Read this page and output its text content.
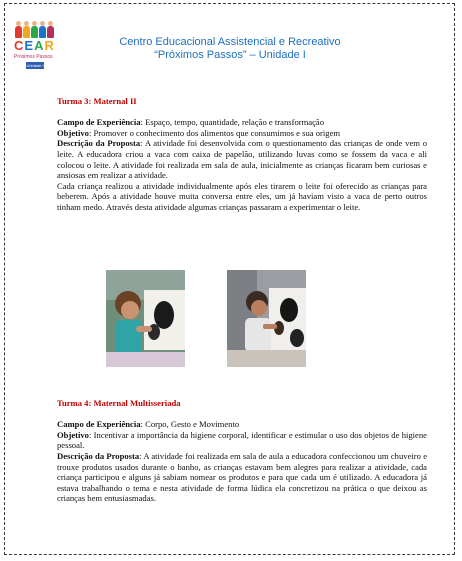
CEAR
Próximos Passos
Unidade I
Centro Educacional Assistencial e Recreativo
“Próximos Passos” – Unidade I

Turma 3: Maternal II

Campo de Experiência: Espaço, tempo, quantidade, relação e transformação

Objetivo: Promover o conhecimento dos alimentos que consumimos e sua origem

Descrição da Proposta: A atividade foi desenvolvida com o questionamento das crianças de onde vem o leite. A educadora criou a vaca com caixa de papelão, utilizando luvas como se fossem da vaca e ali colocou o leite. A atividade foi realizada em sala de aula, inicialmente as crianças ficaram bem curiosas e ansiosas em realizar a atividade.

Cada criança realizou a atividade individualmente após eles tirarem o leite foi oferecido as crianças para beberem. Após a atividade houve muita conversa entre eles, um já haviam visto a vaca de perto outros tinham medo. Através desta atividade algumas crianças passaram a experimentar o leite.

Turma 4: Maternal Multisseriada

Campo de Experiência: Corpo, Gesto e Movimento

Objetivo: Incentivar a importância da higiene corporal, identificar e estimular o uso dos objetos de higiene pessoal.

Descrição da Proposta: A atividade foi realizada em sala de aula a educadora confeccionou um chuveiro e trouxe produtos usados durante o banho, as crianças estavam bem alegres para realizar a atividade, cada criança participou e alguns já sabiam nomear os produtos e para que cada um é utilizado. A educadora já estava trabalhando o tema e nesta atividade de forma lúdica ela concretizou na prática o que deixou as crianças bem entusiasmadas.
